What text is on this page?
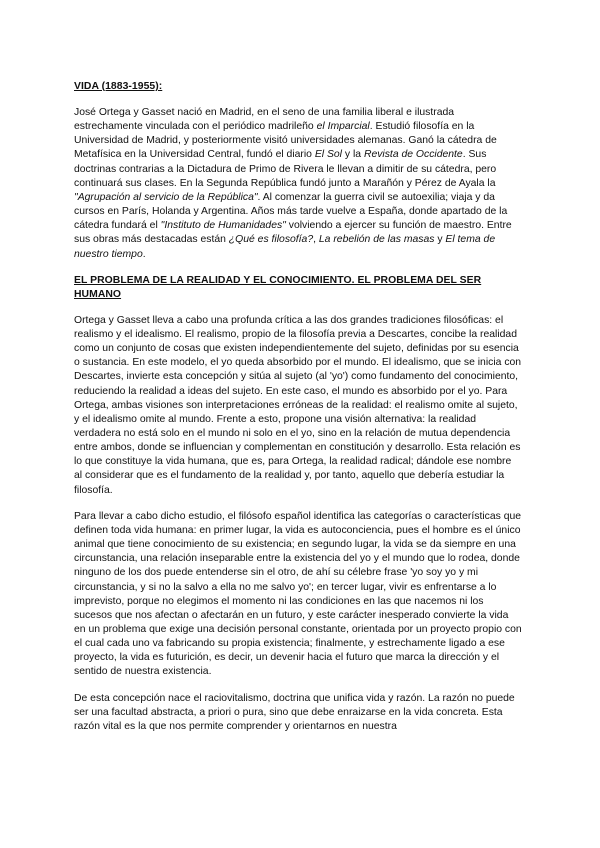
VIDA (1883-1955):

José Ortega y Gasset nació en Madrid, en el seno de una familia liberal e ilustrada estrechamente vinculada con el periódico madrileño el Imparcial. Estudió filosofía en la Universidad de Madrid, y posteriormente visitó universidades alemanas. Ganó la cátedra de Metafísica en la Universidad Central, fundó el diario El Sol y la Revista de Occidente. Sus doctrinas contrarias a la Dictadura de Primo de Rivera le llevan a dimitir de su cátedra, pero continuará sus clases. En la Segunda República fundó junto a Marañón y Pérez de Ayala la "Agrupación al servicio de la República". Al comenzar la guerra civil se autoexilia; viaja y da cursos en París, Holanda y Argentina. Años más tarde vuelve a España, donde apartado de la cátedra fundará el "Instituto de Humanidades" volviendo a ejercer su función de maestro. Entre sus obras más destacadas están ¿Qué es filosofía?, La rebelión de las masas y El tema de nuestro tiempo.

EL PROBLEMA DE LA REALIDAD Y EL CONOCIMIENTO. EL PROBLEMA DEL SER HUMANO

Ortega y Gasset lleva a cabo una profunda crítica a las dos grandes tradiciones filosóficas: el realismo y el idealismo. El realismo, propio de la filosofía previa a Descartes, concibe la realidad como un conjunto de cosas que existen independientemente del sujeto, definidas por su esencia o sustancia. En este modelo, el yo queda absorbido por el mundo. El idealismo, que se inicia con Descartes, invierte esta concepción y sitúa al sujeto (al 'yo') como fundamento del conocimiento, reduciendo la realidad a ideas del sujeto. En este caso, el mundo es absorbido por el yo. Para Ortega, ambas visiones son interpretaciones erróneas de la realidad: el realismo omite al sujeto, y el idealismo omite al mundo. Frente a esto, propone una visión alternativa: la realidad verdadera no está solo en el mundo ni solo en el yo, sino en la relación de mutua dependencia entre ambos, donde se influencian y complementan en constitución y desarrollo. Esta relación es lo que constituye la vida humana, que es, para Ortega, la realidad radical; dándole ese nombre al considerar que es el fundamento de la realidad y, por tanto, aquello que debería estudiar la filosofía.

Para llevar a cabo dicho estudio, el filósofo español identifica las categorías o características que definen toda vida humana: en primer lugar, la vida es autoconciencia, pues el hombre es el único animal que tiene conocimiento de su existencia; en segundo lugar, la vida se da siempre en una circunstancia, una relación inseparable entre la existencia del yo y el mundo que lo rodea, donde ninguno de los dos puede entenderse sin el otro, de ahí su célebre frase 'yo soy yo y mi circunstancia, y si no la salvo a ella no me salvo yo'; en tercer lugar, vivir es enfrentarse a lo imprevisto, porque no elegimos el momento ni las condiciones en las que nacemos ni los sucesos que nos afectan o afectarán en un futuro, y este carácter inesperado convierte la vida en un problema que exige una decisión personal constante, orientada por un proyecto propio con el cual cada uno va fabricando su propia existencia; finalmente, y estrechamente ligado a ese proyecto, la vida es futurición, es decir, un devenir hacia el futuro que marca la dirección y el sentido de nuestra existencia.

De esta concepción nace el raciovitalismo, doctrina que unifica vida y razón. La razón no puede ser una facultad abstracta, a priori o pura, sino que debe enraizarse en la vida concreta. Esta razón vital es la que nos permite comprender y orientarnos en nuestra
